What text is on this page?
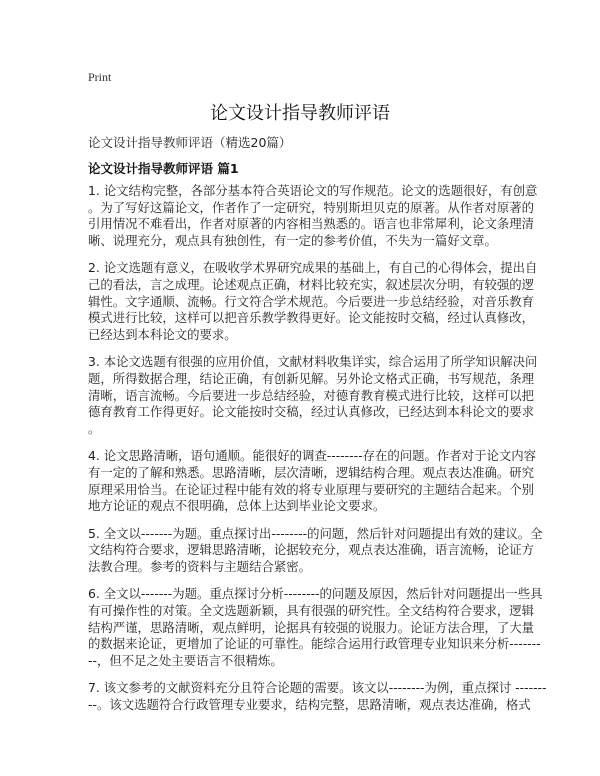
Print
论文设计指导教师评语
论文设计指导教师评语（精选20篇）
论文设计指导教师评语 篇1
1. 论文结构完整，各部分基本符合英语论文的写作规范。论文的选题很好，有创意
。为了写好这篇论文，作者作了一定研究，特别斯坦贝克的原著。从作者对原著的
引用情况不难看出，作者对原著的内容相当熟悉的。语言也非常犀利，论文条理清
晰、说理充分，观点具有独创性，有一定的参考价值，不失为一篇好文章。
2. 论文选题有意义，在吸收学术界研究成果的基础上，有自己的心得体会，提出自
己的看法，言之成理。论述观点正确，材料比较充实，叙述层次分明，有较强的逻
辑性。文字通顺、流畅。行文符合学术规范。今后要进一步总结经验，对音乐教育
模式进行比较，这样可以把音乐教学教得更好。论文能按时交稿，经过认真修改，
已经达到本科论文的要求。
3. 本论文选题有很强的应用价值，文献材料收集详实，综合运用了所学知识解决问
题，所得数据合理，结论正确，有创新见解。另外论文格式正确，书写规范，条理
清晰，语言流畅。今后要进一步总结经验，对德育教育模式进行比较，这样可以把
德育教育工作得更好。论文能按时交稿，经过认真修改，已经达到本科论文的要求
。
4. 论文思路清晰，语句通顺。能很好的调查--------存在的问题。作者对于论文内容
有一定的了解和熟悉。思路清晰，层次清晰，逻辑结构合理。观点表达准确。研究
原理采用恰当。在论证过程中能有效的将专业原理与要研究的主题结合起来。个别
地方论证的观点不很明确，总体上达到毕业论文要求。
5. 全文以-------为题。重点探讨出--------的问题，然后针对问题提出有效的建议。全
文结构符合要求，逻辑思路清晰，论据较充分，观点表达准确，语言流畅，论证方
法教合理。参考的资料与主题结合紧密。
6. 全文以-------为题。重点探讨分析--------的问题及原因，然后针对问题提出一些具
有可操作性的对策。全文选题新颖，具有很强的研究性。全文结构符合要求，逻辑
结构严谨，思路清晰，观点鲜明，论据具有较强的说服力。论证方法合理，了大量
的数据来论证，更增加了论证的可靠性。能综合运用行政管理专业知识来分析-------
--，但不足之处主要语言不很精炼。
7. 该文参考的文献资料充分且符合论题的需要。该文以--------为例，重点探讨 -------
--。该文选题符合行政管理专业要求，结构完整，思路清晰，观点表达准确，格式
